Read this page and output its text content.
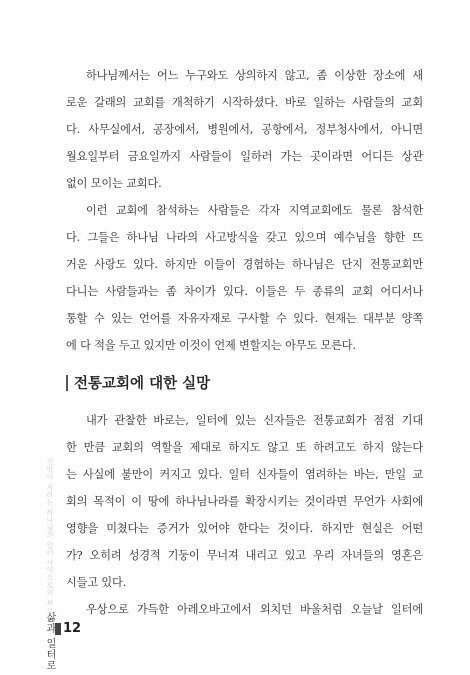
하나님께서는 어느 누구와도 상의하지 않고, 좀 이상한 장소에 새
로운 갈래의 교회를 개척하기 시작하셨다. 바로 일하는 사람들의 교회
다. 사무실에서, 공장에서, 병원에서, 공항에서, 정부청사에서, 아니면
월요일부터 금요일까지 사람들이 일하러 가는 곳이라면 어디든 상관
없이 모이는 교회다.
이런 교회에 참석하는 사람들은 각자 지역교회에도 물론 참석한
다. 그들은 하나님 나라의 사고방식을 갖고 있으며 예수님을 향한 뜨
거운 사랑도 있다. 하지만 이들이 경험하는 하나님은 단지 전통교회만
다니는 사람들과는 좀 차이가 있다. 이들은 두 종류의 교회 어디서나
통할 수 있는 언어를 자유자재로 구사할 수 있다. 현재는 대부분 양쪽
에 다 적을 두고 있지만 이것이 언제 변할지는 아무도 모른다.
전통교회에 대한 실망
내가 관찰한 바로는, 일터에 있는 신자들은 전통교회가 점점 기대
한 만큼 교회의 역할을 제대로 하지도 않고 또 하려고도 하지 않는다
는 사실에 불만이 커지고 있다. 일터 신자들이 염려하는 바는, 만일 교
회의 목적이 이 땅에 하나님나라를 확장시키는 것이라면 무언가 사회에
영향을 미쳤다는 증거가 있어야 한다는 것이다. 하지만 현실은 어떤
가? 오히려 성경적 기둥이 무너져 내리고 있고 우리 자녀들의 영혼은
시들고 있다.
우상으로 가득한 아레오바고에서 외치던 바울처럼 오늘날 일터에
신앙이 자라는 하나님의 일터 사역으로의 부르심
삶과 일터로 12
